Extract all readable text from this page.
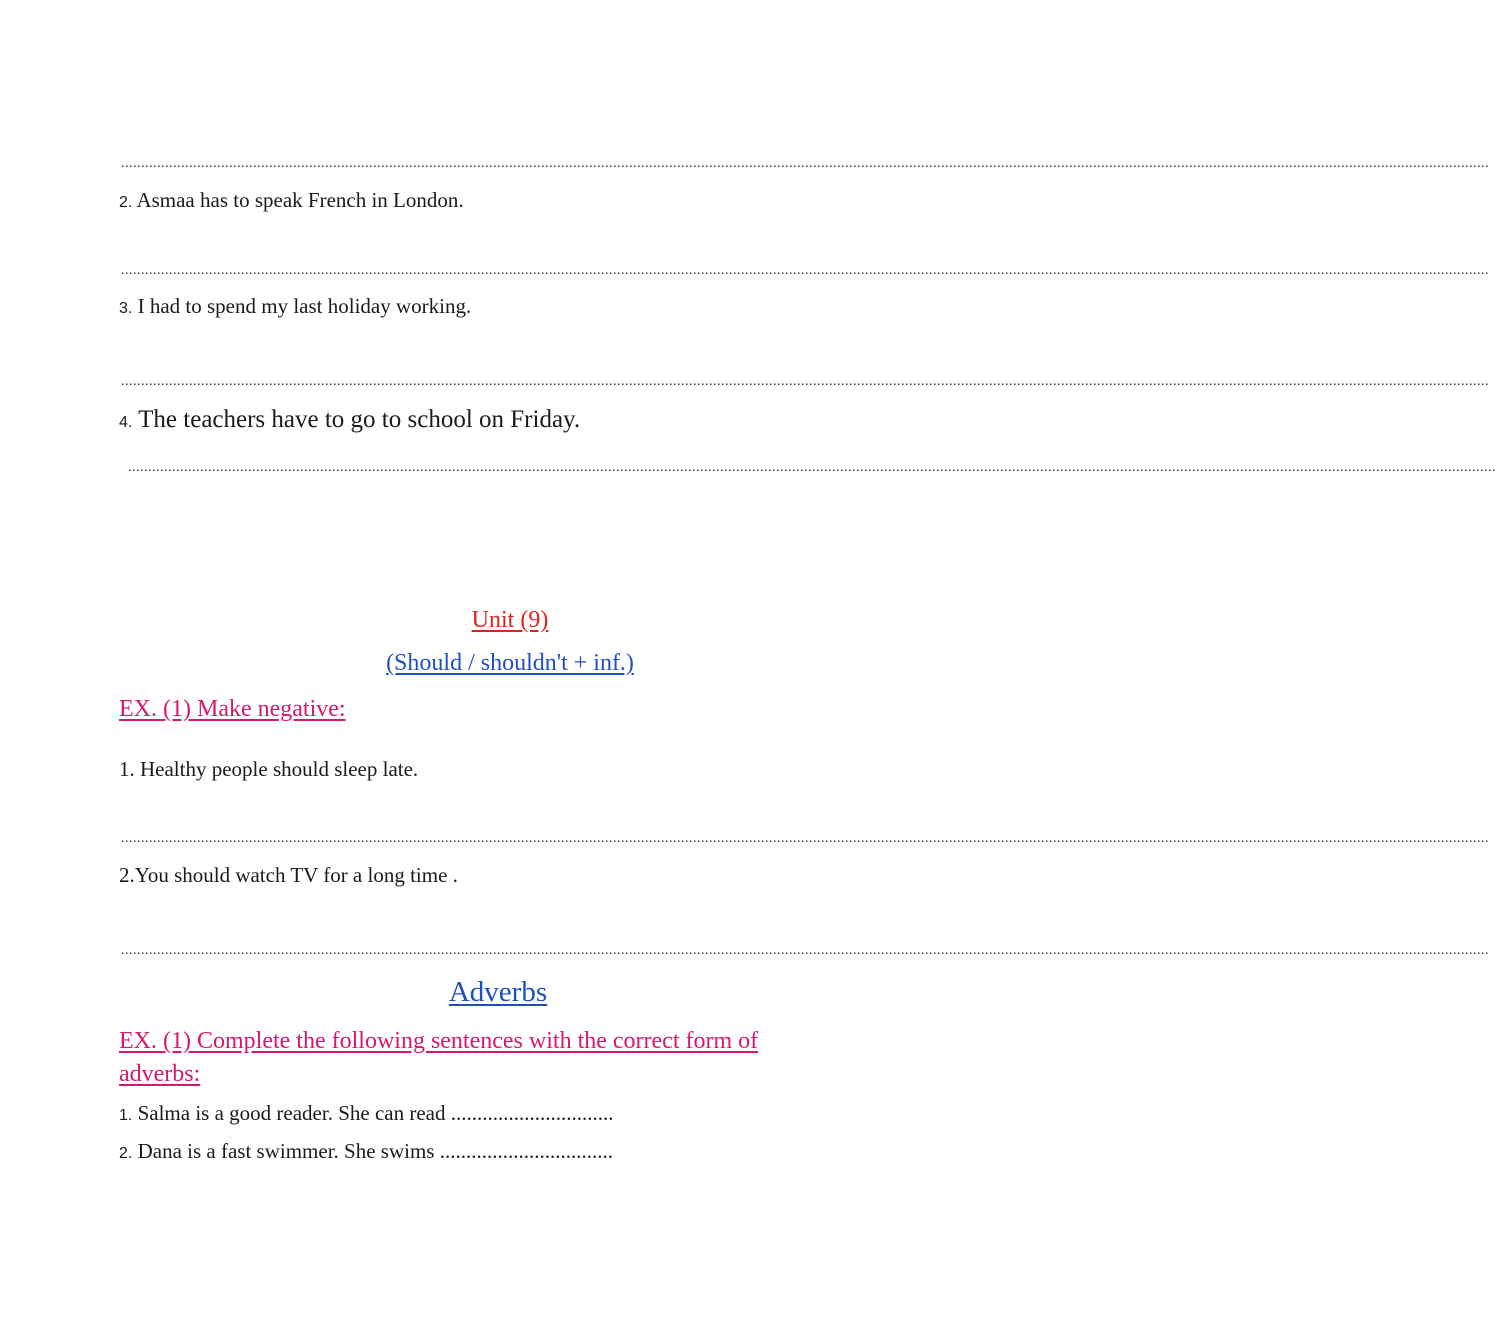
......................................................................................................................................................................................................................................................................................................................................................
2. Asmaa has to speak French in London.
......................................................................................................................................................................................................................................................................................................................................................
3. I had to spend my last holiday working.
......................................................................................................................................................................................................................................................................................................................................................
4. The teachers have to go to school on Friday.
......................................................................................................................................................................................................................................................................................................................................................
Unit (9)
(Should / shouldn't + inf.)
EX. (1) Make negative:
1. Healthy people should sleep late.
......................................................................................................................................................................................................................................................................................................................................................
2.You should watch TV for a long time .
......................................................................................................................................................................................................................................................................................................................................................
Adverbs
EX. (1) Complete the following sentences with the correct form of
adverbs:
1. Salma is a good reader. She can read ...............................
2. Dana is a fast swimmer. She swims .................................
